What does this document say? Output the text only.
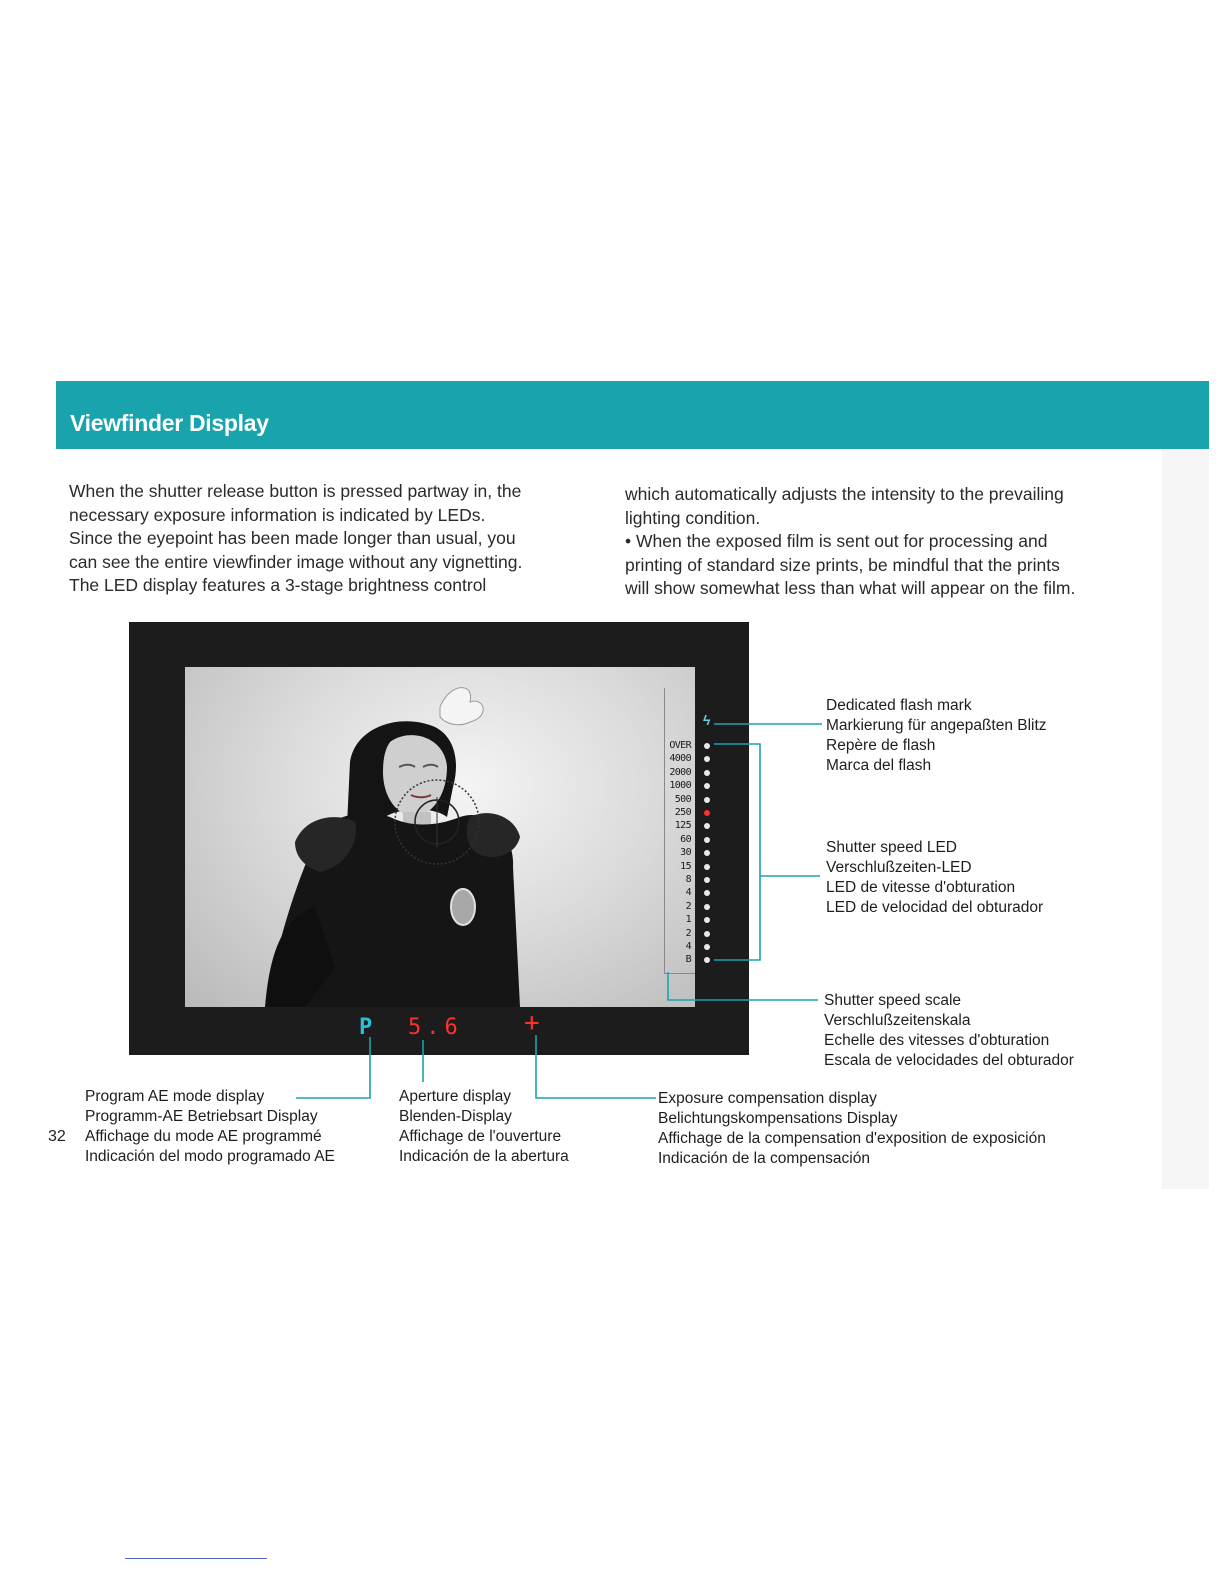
Viewfinder Display
When the shutter release button is pressed partway in, the
necessary exposure information is indicated by LEDs.
Since the eyepoint has been made longer than usual, you
can see the entire viewfinder image without any vignetting.
The LED display features a 3-stage brightness control
which automatically adjusts the intensity to the prevailing
lighting condition.
• When the exposed film is sent out for processing and
printing of standard size prints, be mindful that the prints
will show somewhat less than what will appear on the film.
OVER
4000
2000
1000
500
250
125
60
30
15
8
4
2
1
2
4
B
ϟ
P 5.6 +
Dedicated flash mark
Markierung für angepaßten Blitz
Repère de flash
Marca del flash
Shutter speed LED
Verschlußzeiten-LED
LED de vitesse d'obturation
LED de velocidad del obturador
Shutter speed scale
Verschlußzeitenskala
Echelle des vitesses d'obturation
Escala de velocidades del obturador
Program AE mode display
Programm-AE Betriebsart Display
Affichage du mode AE programmé
Indicación del modo programado AE
Aperture display
Blenden-Display
Affichage de l'ouverture
Indicación de la abertura
Exposure compensation display
Belichtungskompensations Display
Affichage de la compensation d'exposition de exposición
Indicación de la compensación
32
